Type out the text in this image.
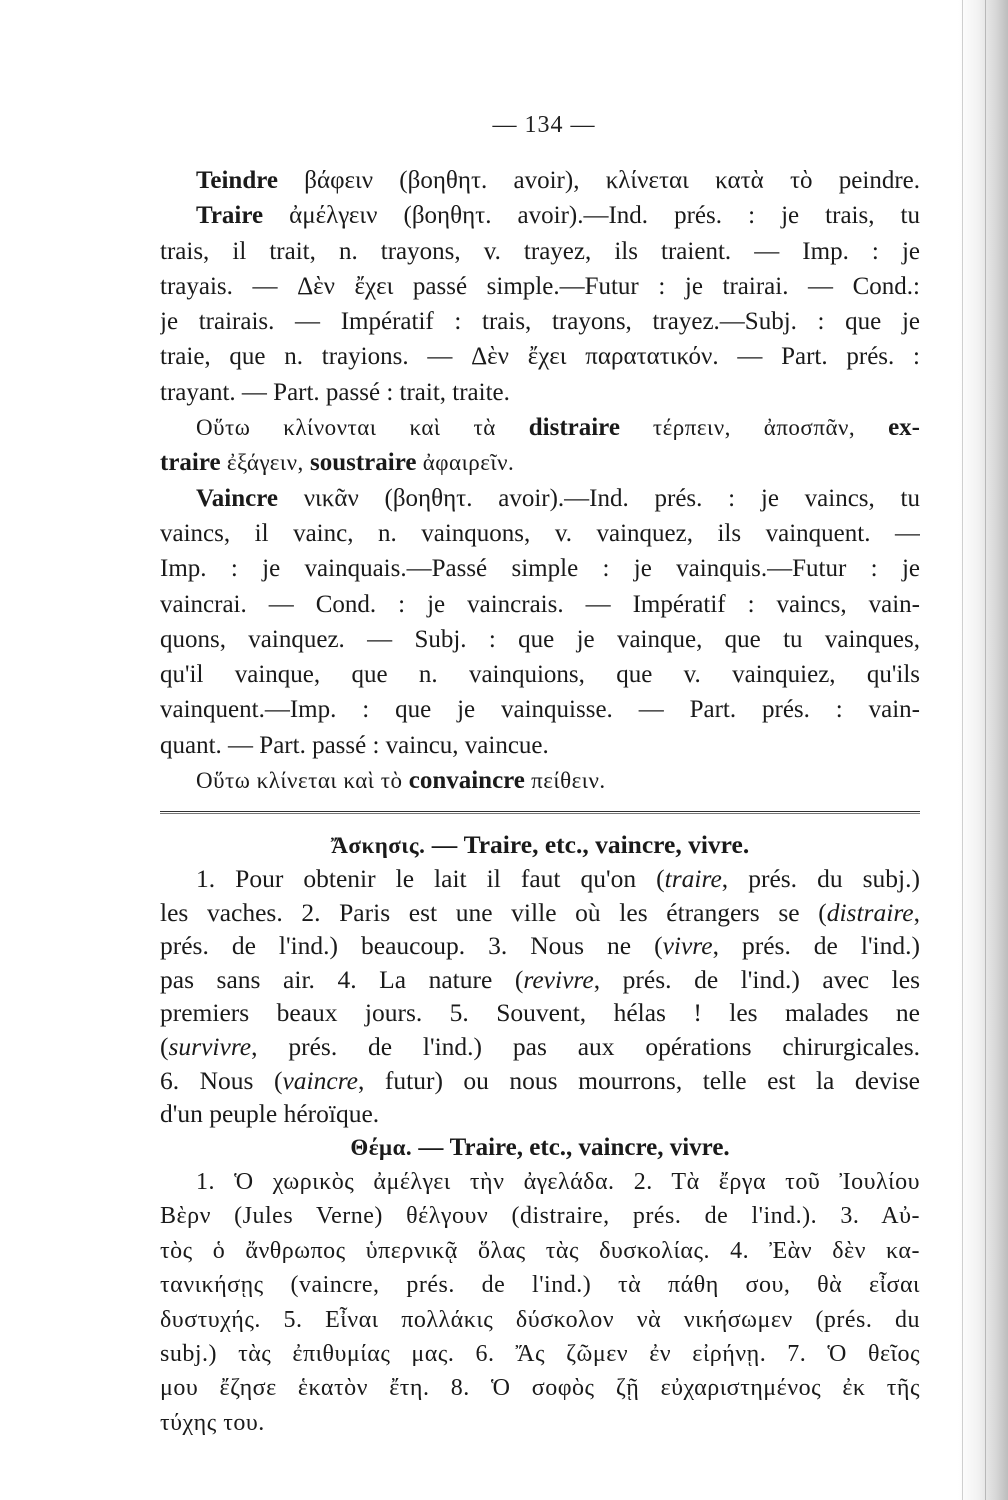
— 134 —
Teindre βάφειν (βοηθητ. avoir), κλίνεται κατὰ τὸ peindre.
Traire ἀμέλγειν (βοηθητ. avoir).—Ind. prés. : je trais, tu
trais, il trait, n. trayons, v. trayez, ils traient. — Imp. : je
trayais. — Δὲν ἔχει passé simple.—Futur : je trairai. — Cond.:
je trairais. — Impératif : trais, trayons, trayez.—Subj. : que je
traie, que n. trayions. — Δὲν ἔχει παρατατικόν. — Part. prés. :
trayant. — Part. passé : trait, traite.
Οὕτω κλίνονται καὶ τὰ distraire τέρπειν, ἀποσπᾶν, ex-
traire ἐξάγειν, soustraire ἀφαιρεῖν.
Vaincre νικᾶν (βοηθητ. avoir).—Ind. prés. : je vaincs, tu
vaincs, il vainc, n. vainquons, v. vainquez, ils vainquent. —
Imp. : je vainquais.—Passé simple : je vainquis.—Futur : je
vaincrai. — Cond. : je vaincrais. — Impératif : vaincs, vain-
quons, vainquez. — Subj. : que je vainque, que tu vainques,
qu'il vainque, que n. vainquions, que v. vainquiez, qu'ils
vainquent.—Imp. : que je vainquisse. — Part. prés. : vain-
quant. — Part. passé : vaincu, vaincue.
Οὕτω κλίνεται καὶ τὸ convaincre πείθειν.
Ἄσκησις. — Traire, etc., vaincre, vivre.
1. Pour obtenir le lait il faut qu'on (traire, prés. du subj.)
les vaches. 2. Paris est une ville où les étrangers se (distraire,
prés. de l'ind.) beaucoup. 3. Nous ne (vivre, prés. de l'ind.)
pas sans air. 4. La nature (revivre, prés. de l'ind.) avec les
premiers beaux jours. 5. Souvent, hélas ! les malades ne
(survivre, prés. de l'ind.) pas aux opérations chirurgicales.
6. Nous (vaincre, futur) ou nous mourrons, telle est la devise
d'un peuple héroïque.
Θέμα. — Traire, etc., vaincre, vivre.
1. Ὁ χωρικὸς ἀμέλγει τὴν ἀγελάδα. 2. Τὰ ἔργα τοῦ Ἰουλίου
Βὲρν (Jules Verne) θέλγουν (distraire, prés. de l'ind.). 3. Αὐ-
τὸς ὁ ἄνθρωπος ὑπερνικᾷ ὅλας τὰς δυσκολίας. 4. Ἐὰν δὲν κα-
τανικήσῃς (vaincre, prés. de l'ind.) τὰ πάθη σου, θὰ εἶσαι
δυστυχής. 5. Εἶναι πολλάκις δύσκολον νὰ νικήσωμεν (prés. du
subj.) τὰς ἐπιθυμίας μας. 6. Ἄς ζῶμεν ἐν εἰρήνῃ. 7. Ὁ θεῖος
μου ἔζησε ἑκατὸν ἔτη. 8. Ὁ σοφὸς ζῇ εὐχαριστημένος ἐκ τῆς
τύχης του.
